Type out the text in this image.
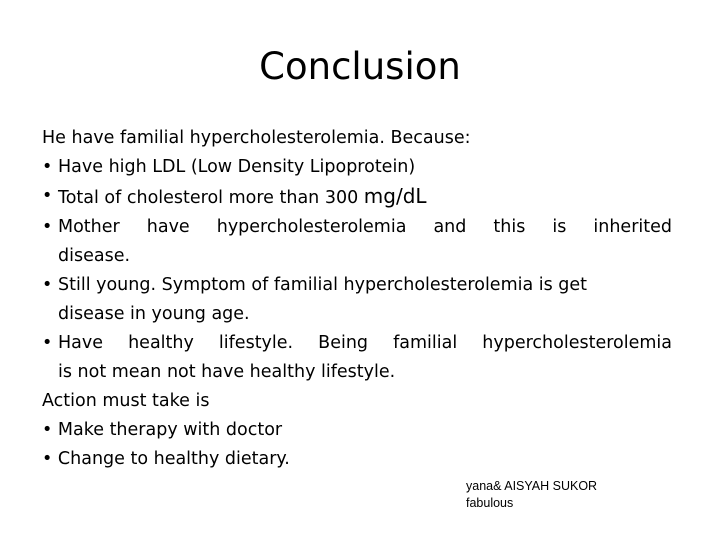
Conclusion
He have familial hypercholesterolemia. Because:
• Have high LDL (Low Density Lipoprotein)
• Total of cholesterol more than 300 mg/dL
• Mother have hypercholesterolemia and this is inherited
disease.
• Still young. Symptom of familial hypercholesterolemia is get
disease in young age.
• Have healthy lifestyle. Being familial hypercholesterolemia
is not mean not have healthy lifestyle.
Action must take is
• Make therapy with doctor
• Change to healthy dietary.
yana& AISYAH SUKOR
fabulous
